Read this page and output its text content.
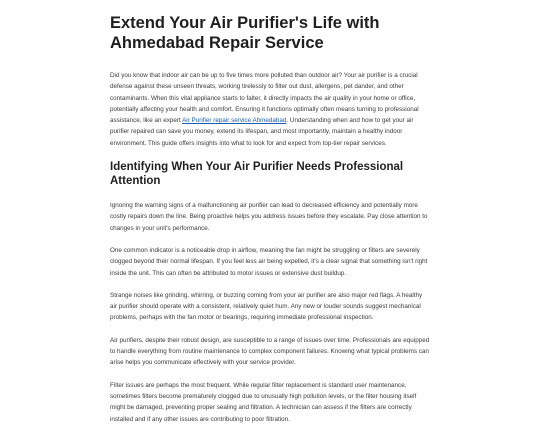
Extend Your Air Purifier's Life with Ahmedabad Repair Service

Did you know that indoor air can be up to five times more polluted than outdoor air? Your air purifier is a crucial defense against these unseen threats, working tirelessly to filter out dust, allergens, pet dander, and other contaminants. When this vital appliance starts to falter, it directly impacts the air quality in your home or office, potentially affecting your health and comfort. Ensuring it functions optimally often means turning to professional assistance, like an expert Air Purifier repair service Ahmedabad. Understanding when and how to get your air purifier repaired can save you money, extend its lifespan, and most importantly, maintain a healthy indoor environment. This guide offers insights into what to look for and expect from top-tier repair services.

Identifying When Your Air Purifier Needs Professional Attention

Ignoring the warning signs of a malfunctioning air purifier can lead to decreased efficiency and potentially more costly repairs down the line. Being proactive helps you address issues before they escalate. Pay close attention to changes in your unit's performance.

One common indicator is a noticeable drop in airflow, meaning the fan might be struggling or filters are severely clogged beyond their normal lifespan. If you feel less air being expelled, it's a clear signal that something isn't right inside the unit. This can often be attributed to motor issues or extensive dust buildup.

Strange noises like grinding, whirring, or buzzing coming from your air purifier are also major red flags. A healthy air purifier should operate with a consistent, relatively quiet hum. Any new or louder sounds suggest mechanical problems, perhaps with the fan motor or bearings, requiring immediate professional inspection.

Air purifiers, despite their robust design, are susceptible to a range of issues over time. Professionals are equipped to handle everything from routine maintenance to complex component failures. Knowing what typical problems can arise helps you communicate effectively with your service provider.

Filter issues are perhaps the most frequent. While regular filter replacement is standard user maintenance, sometimes filters become prematurely clogged due to unusually high pollution levels, or the filter housing itself might be damaged, preventing proper sealing and filtration. A technician can assess if the filters are correctly installed and if any other issues are contributing to poor filtration.
